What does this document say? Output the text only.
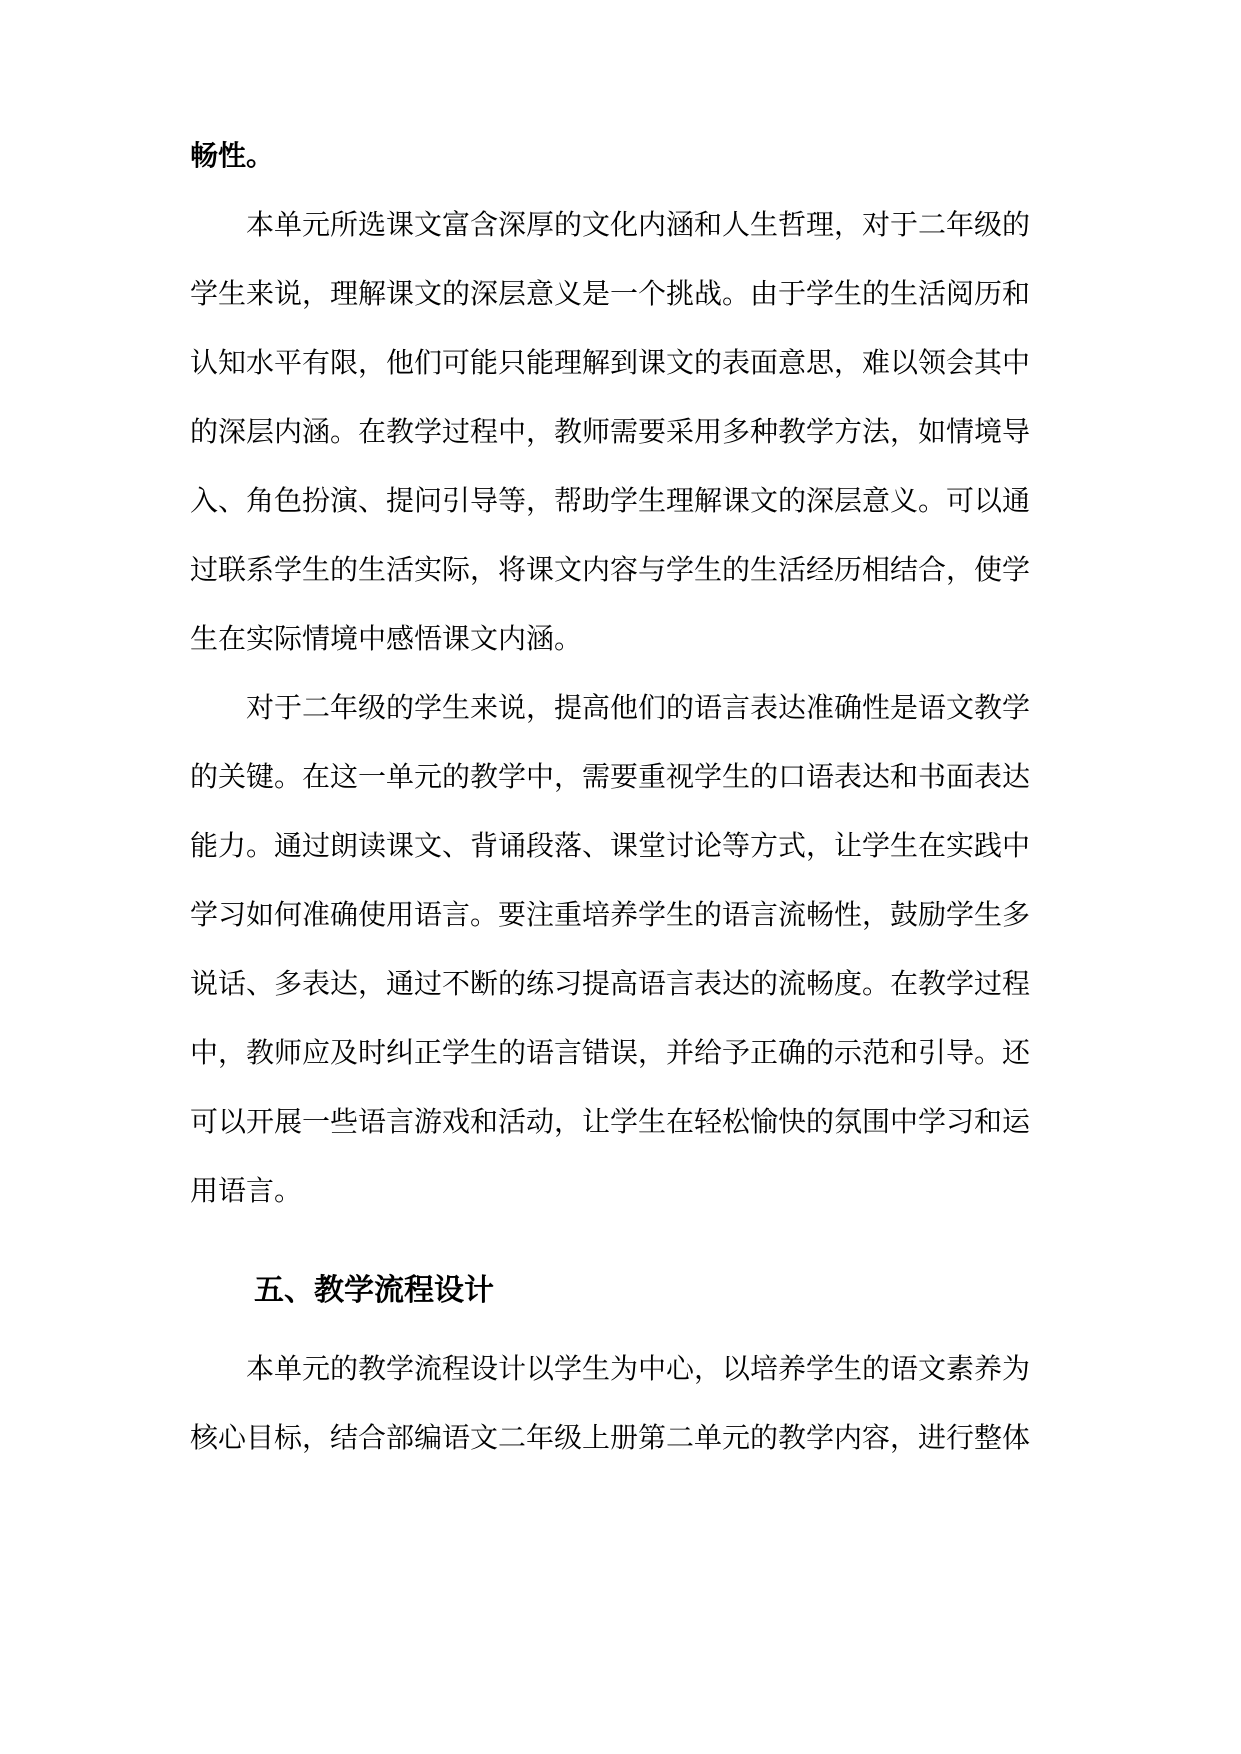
畅性。

本单元所选课文富含深厚的文化内涵和人生哲理，对于二年级的

学生来说，理解课文的深层意义是一个挑战。由于学生的生活阅历和

认知水平有限，他们可能只能理解到课文的表面意思，难以领会其中

的深层内涵。在教学过程中，教师需要采用多种教学方法，如情境导

入、角色扮演、提问引导等，帮助学生理解课文的深层意义。可以通

过联系学生的生活实际，将课文内容与学生的生活经历相结合，使学

生在实际情境中感悟课文内涵。

对于二年级的学生来说，提高他们的语言表达准确性是语文教学

的关键。在这一单元的教学中，需要重视学生的口语表达和书面表达

能力。通过朗读课文、背诵段落、课堂讨论等方式，让学生在实践中

学习如何准确使用语言。要注重培养学生的语言流畅性，鼓励学生多

说话、多表达，通过不断的练习提高语言表达的流畅度。在教学过程

中，教师应及时纠正学生的语言错误，并给予正确的示范和引导。还

可以开展一些语言游戏和活动，让学生在轻松愉快的氛围中学习和运

用语言。

五、教学流程设计

本单元的教学流程设计以学生为中心，以培养学生的语文素养为

核心目标，结合部编语文二年级上册第二单元的教学内容，进行整体
